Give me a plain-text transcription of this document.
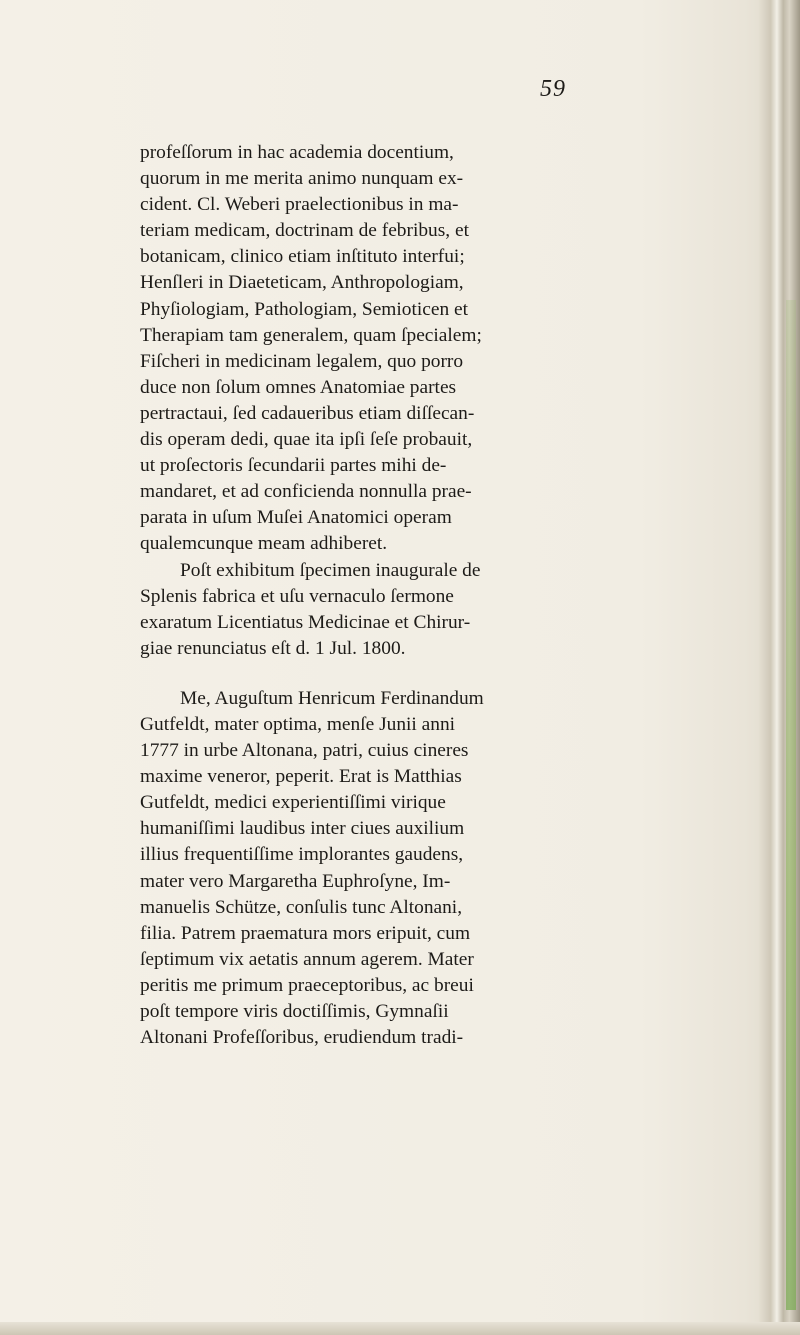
59
profeſſorum in hac academia docentium,
quorum in me merita animo nunquam ex-
cident. Cl. Weberi praelectionibus in ma-
teriam medicam, doctrinam de febribus, et
botanicam, clinico etiam inſtituto interfui;
Henſleri in Diaeteticam, Anthropologiam,
Phyſiologiam, Pathologiam, Semioticen et
Therapiam tam generalem, quam ſpecialem;
Fiſcheri in medicinam legalem, quo porro
duce non ſolum omnes Anatomiae partes
pertractaui, ſed cadaueribus etiam diſſecan-
dis operam dedi, quae ita ipſi ſeſe probauit,
ut proſectoris ſecundarii partes mihi de-
mandaret, et ad conficienda nonnulla prae-
parata in uſum Muſei Anatomici operam
qualemcunque meam adhiberet.
Poſt exhibitum ſpecimen inaugurale de
Splenis fabrica et uſu vernaculo ſermone
exaratum Licentiatus Medicinae et Chirur-
giae renunciatus eſt d. 1 Jul. 1800.
Me, Auguſtum Henricum Ferdinandum
Gutfeldt, mater optima, menſe Junii anni
1777 in urbe Altonana, patri, cuius cineres
maxime veneror, peperit. Erat is Matthias
Gutfeldt, medici experientiſſimi virique
humaniſſimi laudibus inter ciues auxilium
illius frequentiſſime implorantes gaudens,
mater vero Margaretha Euphroſyne, Im-
manuelis Schütze, conſulis tunc Altonani,
filia. Patrem praematura mors eripuit, cum
ſeptimum vix aetatis annum agerem. Mater
peritis me primum praeceptoribus, ac breui
poſt tempore viris doctiſſimis, Gymnaſii
Altonani Profeſſoribus, erudiendum tradi-
